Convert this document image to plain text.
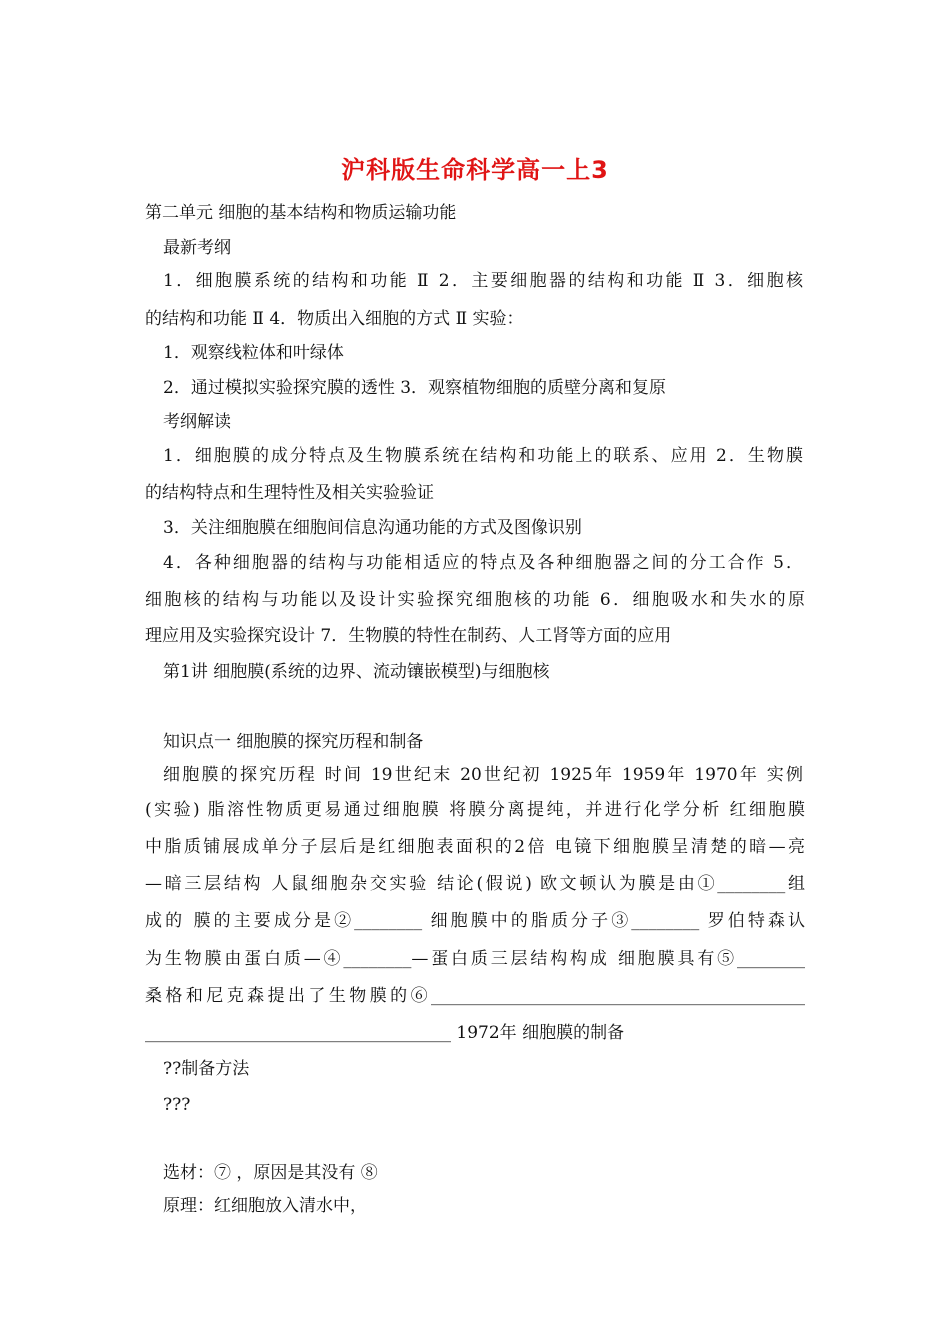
沪科版生命科学高一上3
第二单元 细胞的基本结构和物质运输功能
最新考纲
1．细胞膜系统的结构和功能 Ⅱ 2．主要细胞器的结构和功能 Ⅱ 3．细胞核
的结构和功能 Ⅱ 4．物质出入细胞的方式 Ⅱ 实验：
1．观察线粒体和叶绿体
2．通过模拟实验探究膜的透性 3．观察植物细胞的质壁分离和复原
考纲解读
1．细胞膜的成分特点及生物膜系统在结构和功能上的联系、应用 2．生物膜
的结构特点和生理特性及相关实验验证
3．关注细胞膜在细胞间信息沟通功能的方式及图像识别
4．各种细胞器的结构与功能相适应的特点及各种细胞器之间的分工合作 5．
细胞核的结构与功能以及设计实验探究细胞核的功能 6．细胞吸水和失水的原
理应用及实验探究设计 7．生物膜的特性在制药、人工肾等方面的应用
第1讲 细胞膜(系统的边界、流动镶嵌模型)与细胞核
知识点一 细胞膜的探究历程和制备
细胞膜的探究历程 时间 19世纪末 20世纪初 1925年 1959年 1970年 实例
(实验) 脂溶性物质更易通过细胞膜 将膜分离提纯，并进行化学分析 红细胞膜
中脂质铺展成单分子层后是红细胞表面积的2倍 电镜下细胞膜呈清楚的暗—亮
—暗三层结构 人鼠细胞杂交实验 结论(假说) 欧文顿认为膜是由①________组
成的 膜的主要成分是②________ 细胞膜中的脂质分子③________ 罗伯特森认
为生物膜由蛋白质—④________—蛋白质三层结构构成 细胞膜具有⑤________
桑格和尼克森提出了生物膜的⑥____________________________________________
____________________________________ 1972年 细胞膜的制备
??制备方法
???
选材：⑦ ，原因是其没有 ⑧
原理：红细胞放入清水中，
